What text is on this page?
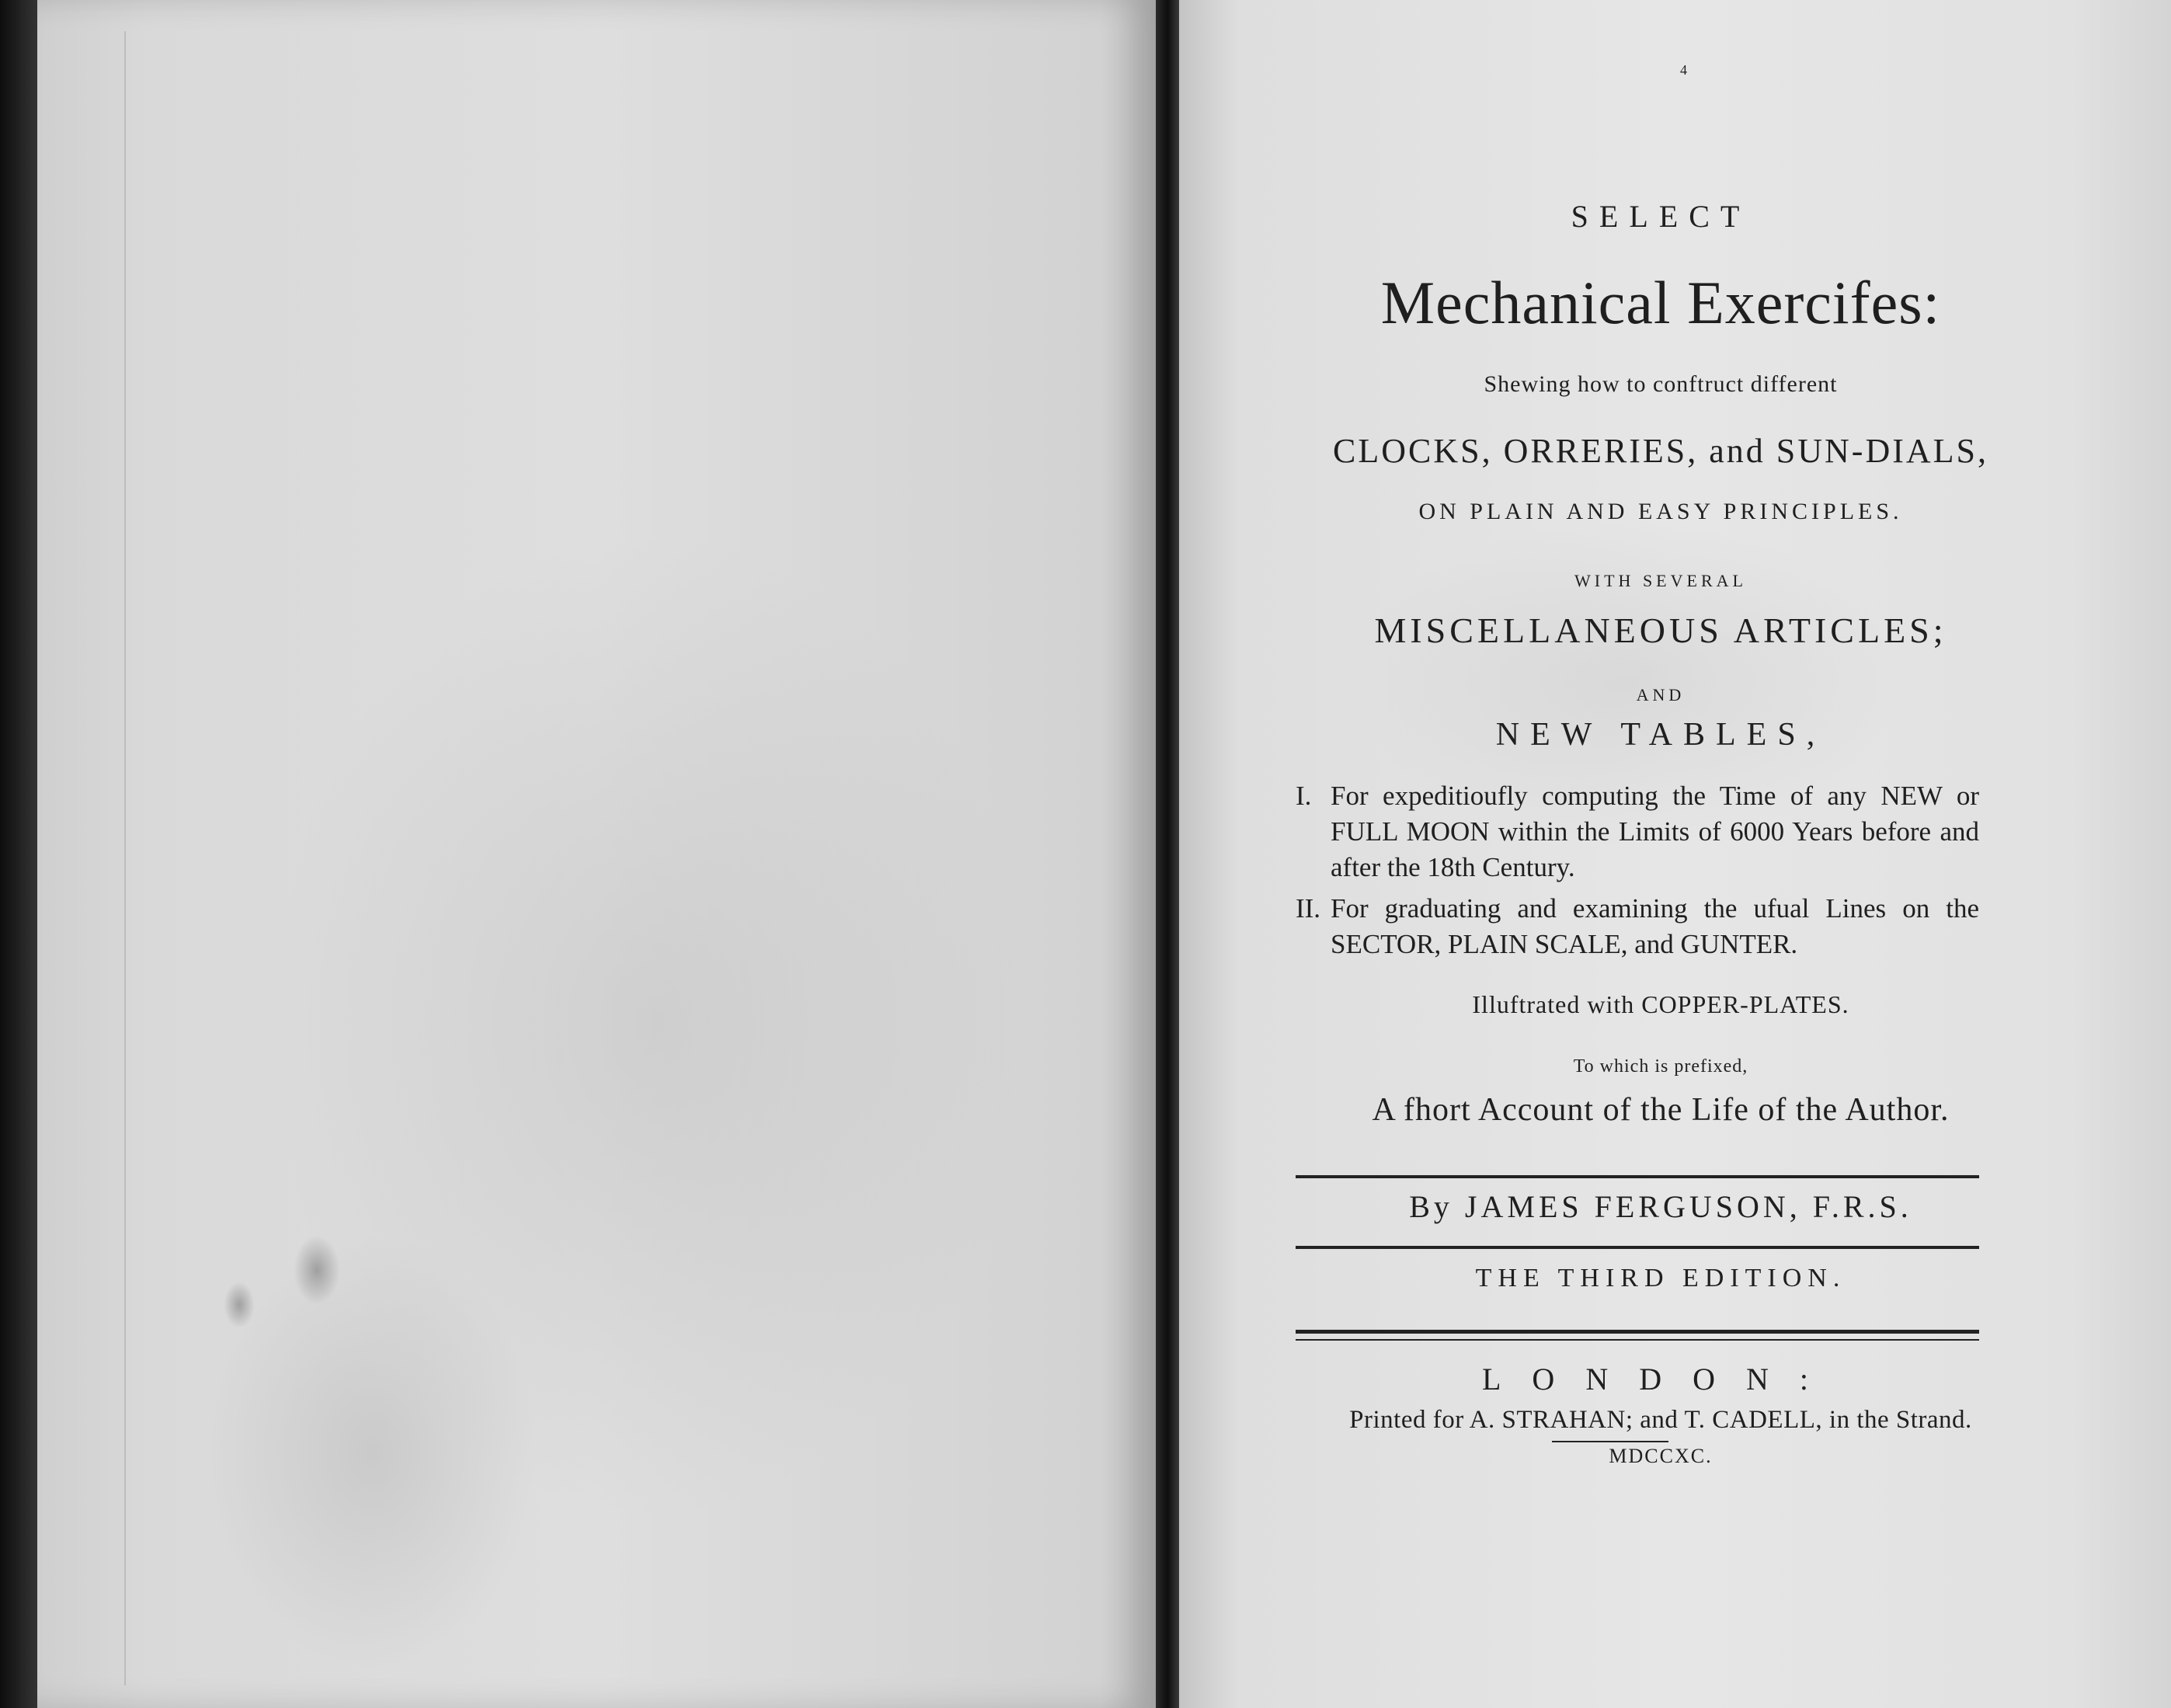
4
SELECT
Mechanical Exercifes:
Shewing how to conftruct different
CLOCKS, ORRERIES, and SUN-DIALS,
ON PLAIN AND EASY PRINCIPLES.
WITH SEVERAL
MISCELLANEOUS ARTICLES;
AND
NEW TABLES,
I. For expeditioufly computing the Time of any NEW or FULL MOON within the Limits of 6000 Years before and after the 18th Century.
II. For graduating and examining the ufual Lines on the SECTOR, PLAIN SCALE, and GUNTER.
Illuftrated with COPPER-PLATES.
To which is prefixed,
A fhort Account of the Life of the Author.
By JAMES FERGUSON, F.R.S.
THE THIRD EDITION.
LONDON:
Printed for A. STRAHAN; and T. CADELL, in the Strand.
MDCCXC.
